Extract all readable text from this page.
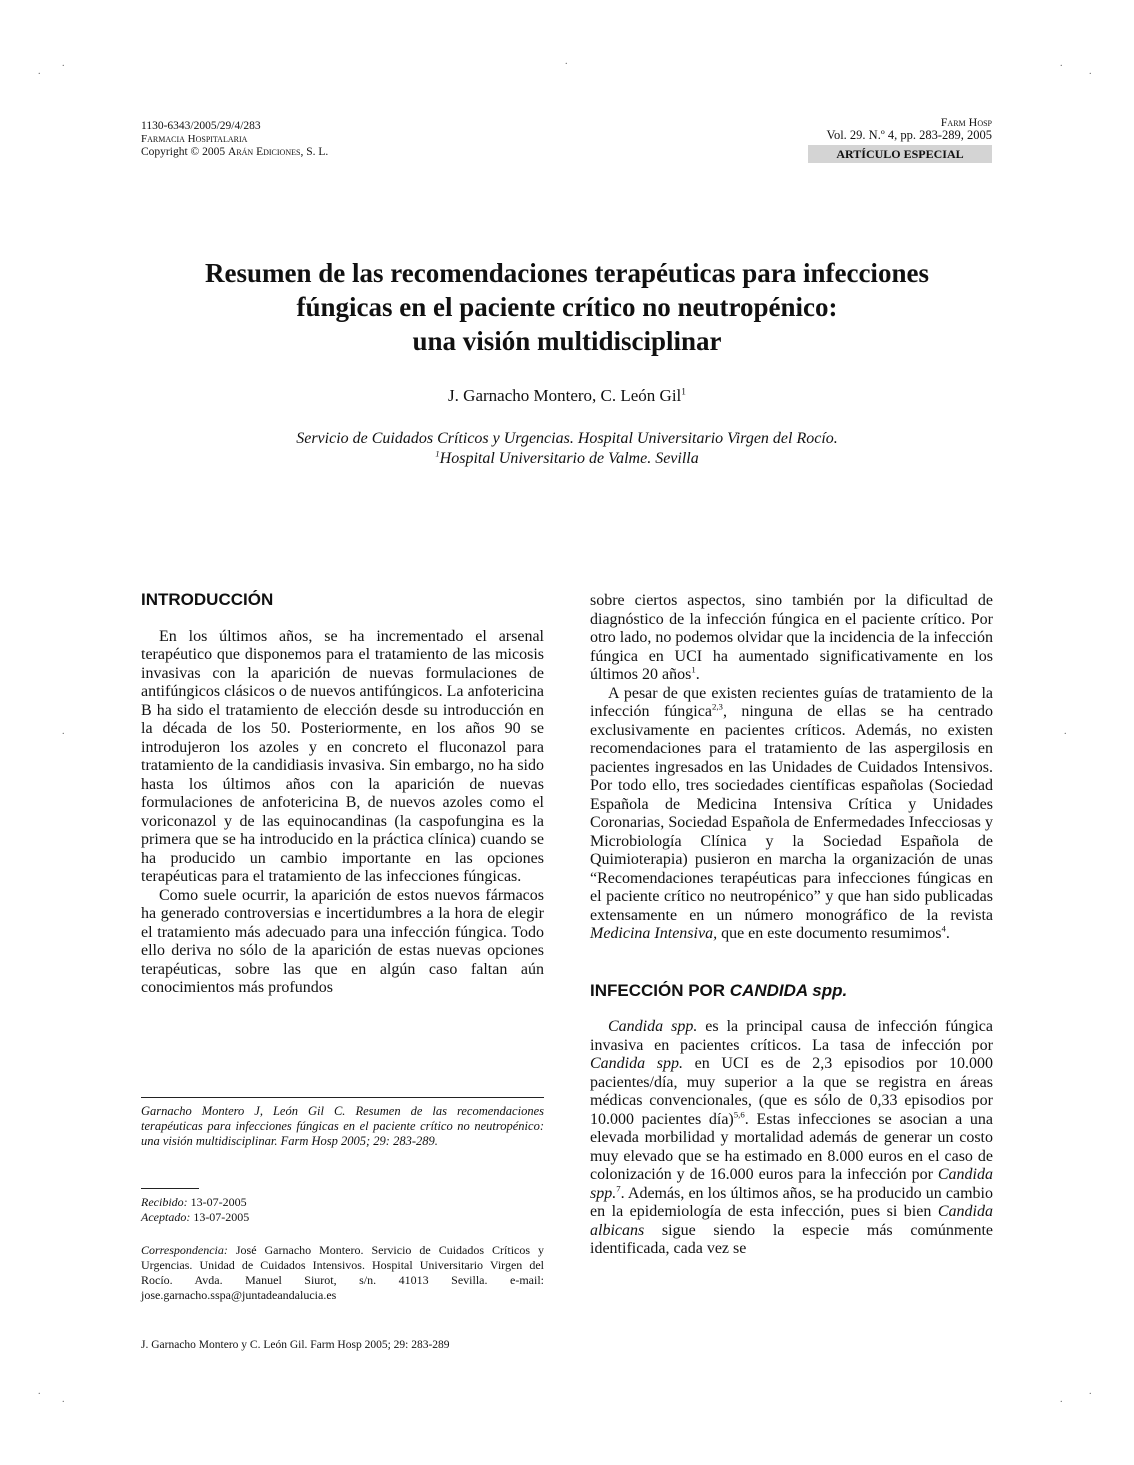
.
.	.	.
.
.	.
.
.	.
.
1130-6343/2005/29/4/283
Farmacia Hospitalaria
Copyright © 2005 Arán Ediciones, S. L.
Farm Hosp
Vol. 29. N.º 4, pp. 283-289, 2005
ARTÍCULO ESPECIAL
Resumen de las recomendaciones terapéuticas para infecciones
fúngicas en el paciente crítico no neutropénico:
una visión multidisciplinar
J. Garnacho Montero, C. León Gil$^1$
Servicio de Cuidados Críticos y Urgencias. Hospital Universitario Virgen del Rocío.
$^1$Hospital Universitario de Valme. Sevilla
INTRODUCCIÓN

En los últimos años, se ha incrementado el arsenal terapéutico que disponemos para el tratamiento de las micosis invasivas con la aparición de nuevas formulaciones de antifúngicos clásicos o de nuevos antifúngicos. La anfotericina B ha sido el tratamiento de elección desde su introducción en la década de los 50. Posteriormente, en los años 90 se introdujeron los azoles y en concreto el fluconazol para tratamiento de la candidiasis invasiva. Sin embargo, no ha sido hasta los últimos años con la aparición de nuevas formulaciones de anfotericina B, de nuevos azoles como el voriconazol y de las equinocandinas (la caspofungina es la primera que se ha introducido en la práctica clínica) cuando se ha producido un cambio importante en las opciones terapéuticas para el tratamiento de las infecciones fúngicas.

Como suele ocurrir, la aparición de estos nuevos fármacos ha generado controversias e incertidumbres a la hora de elegir el tratamiento más adecuado para una infección fúngica. Todo ello deriva no sólo de la aparición de estas nuevas opciones terapéuticas, sobre las que en algún caso faltan aún conocimientos más profundos

sobre ciertos aspectos, sino también por la dificultad de diagnóstico de la infección fúngica en el paciente crítico. Por otro lado, no podemos olvidar que la incidencia de la infección fúngica en UCI ha aumentado significativamente en los últimos 20 años$^1$.

A pesar de que existen recientes guías de tratamiento de la infección fúngica$^{2,3}$, ninguna de ellas se ha centrado exclusivamente en pacientes críticos. Además, no existen recomendaciones para el tratamiento de las aspergilosis en pacientes ingresados en las Unidades de Cuidados Intensivos. Por todo ello, tres sociedades científicas españolas (Sociedad Española de Medicina Intensiva Crítica y Unidades Coronarias, Sociedad Española de Enfermedades Infecciosas y Microbiología Clínica y la Sociedad Española de Quimioterapia) pusieron en marcha la organización de unas “Recomendaciones terapéuticas para infecciones fúngicas en el paciente crítico no neutropénico” y que han sido publicadas extensamente en un número monográfico de la revista Medicina Intensiva, que en este documento resumimos$^4$.

INFECCIÓN POR CANDIDA spp.

Candida spp. es la principal causa de infección fúngica invasiva en pacientes críticos. La tasa de infección por Candida spp. en UCI es de 2,3 episodios por 10.000 pacientes/día, muy superior a la que se registra en áreas médicas convencionales, (que es sólo de 0,33 episodios por 10.000 pacientes día)$^{5,6}$. Estas infecciones se asocian a una elevada morbilidad y mortalidad además de generar un costo muy elevado que se ha estimado en 8.000 euros en el caso de colonización y de 16.000 euros para la infección por Candida spp.$^7$. Además, en los últimos años, se ha producido un cambio en la epidemiología de esta infección, pues si bien Candida albicans sigue siendo la especie más comúnmente identificada, cada vez se

Garnacho Montero J, León Gil C. Resumen de las recomendaciones terapéuticas para infecciones fúngicas en el paciente crítico no neutropénico: una visión multidisciplinar. Farm Hosp 2005; 29: 283-289.
Recibido: 13-07-2005
Aceptado: 13-07-2005
Correspondencia: José Garnacho Montero. Servicio de Cuidados Críticos y Urgencias. Unidad de Cuidados Intensivos. Hospital Universitario Virgen del Rocío. Avda. Manuel Siurot, s/n. 41013 Sevilla. e-mail: jose.garnacho.sspa@juntadeandalucia.es
J. Garnacho Montero y C. León Gil. Farm Hosp 2005; 29: 283-289
